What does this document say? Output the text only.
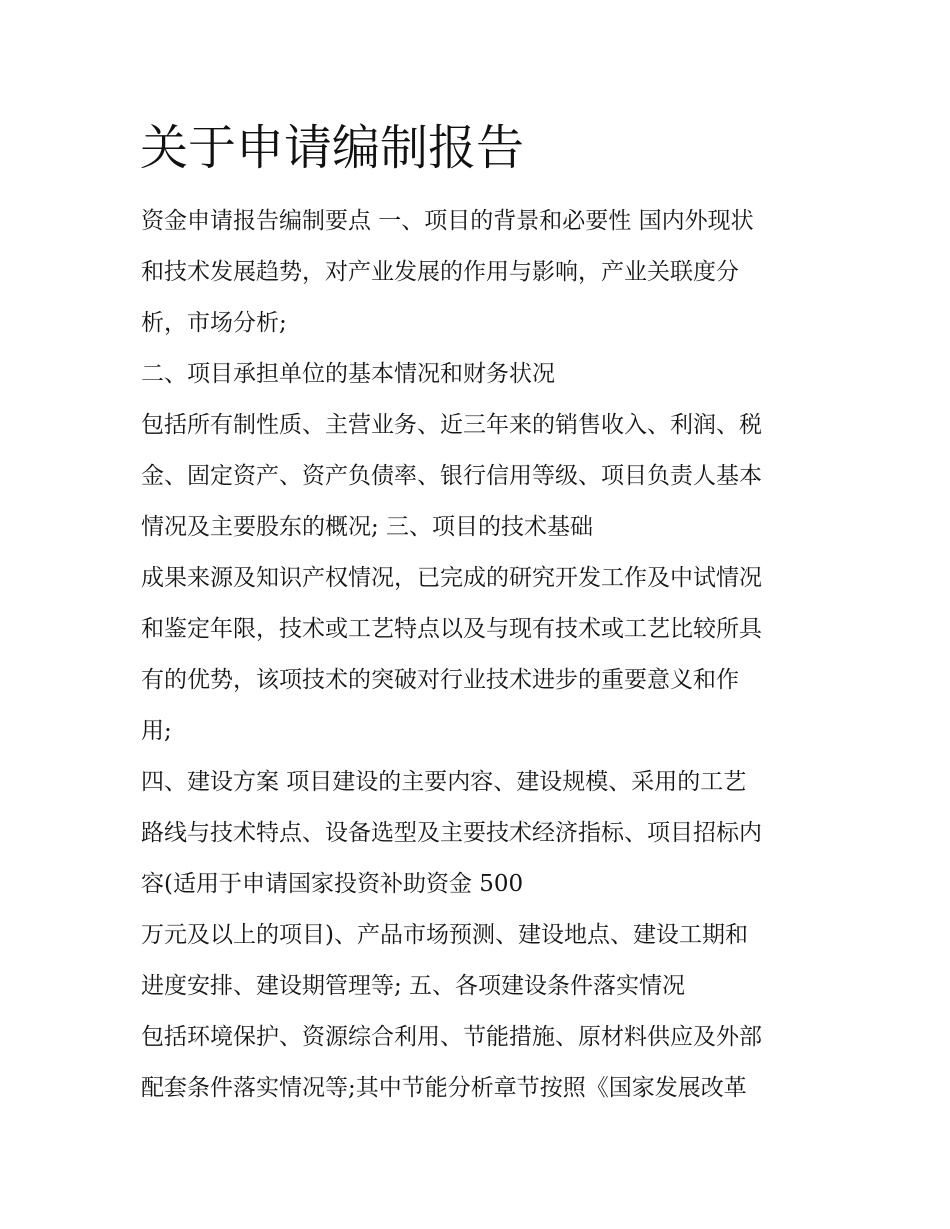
关于申请编制报告
资金申请报告编制要点 一、项目的背景和必要性 国内外现状
和技术发展趋势，对产业发展的作用与影响，产业关联度分
析，市场分析;
二、项目承担单位的基本情况和财务状况
包括所有制性质、主营业务、近三年来的销售收入、利润、税
金、固定资产、资产负债率、银行信用等级、项目负责人基本
情况及主要股东的概况; 三、项目的技术基础
成果来源及知识产权情况，已完成的研究开发工作及中试情况
和鉴定年限，技术或工艺特点以及与现有技术或工艺比较所具
有的优势，该项技术的突破对行业技术进步的重要意义和作
用;
四、建设方案 项目建设的主要内容、建设规模、采用的工艺
路线与技术特点、设备选型及主要技术经济指标、项目招标内
容(适用于申请国家投资补助资金 500
万元及以上的项目)、产品市场预测、建设地点、建设工期和
进度安排、建设期管理等; 五、各项建设条件落实情况
包括环境保护、资源综合利用、节能措施、原材料供应及外部
配套条件落实情况等;其中节能分析章节按照《国家发展改革
